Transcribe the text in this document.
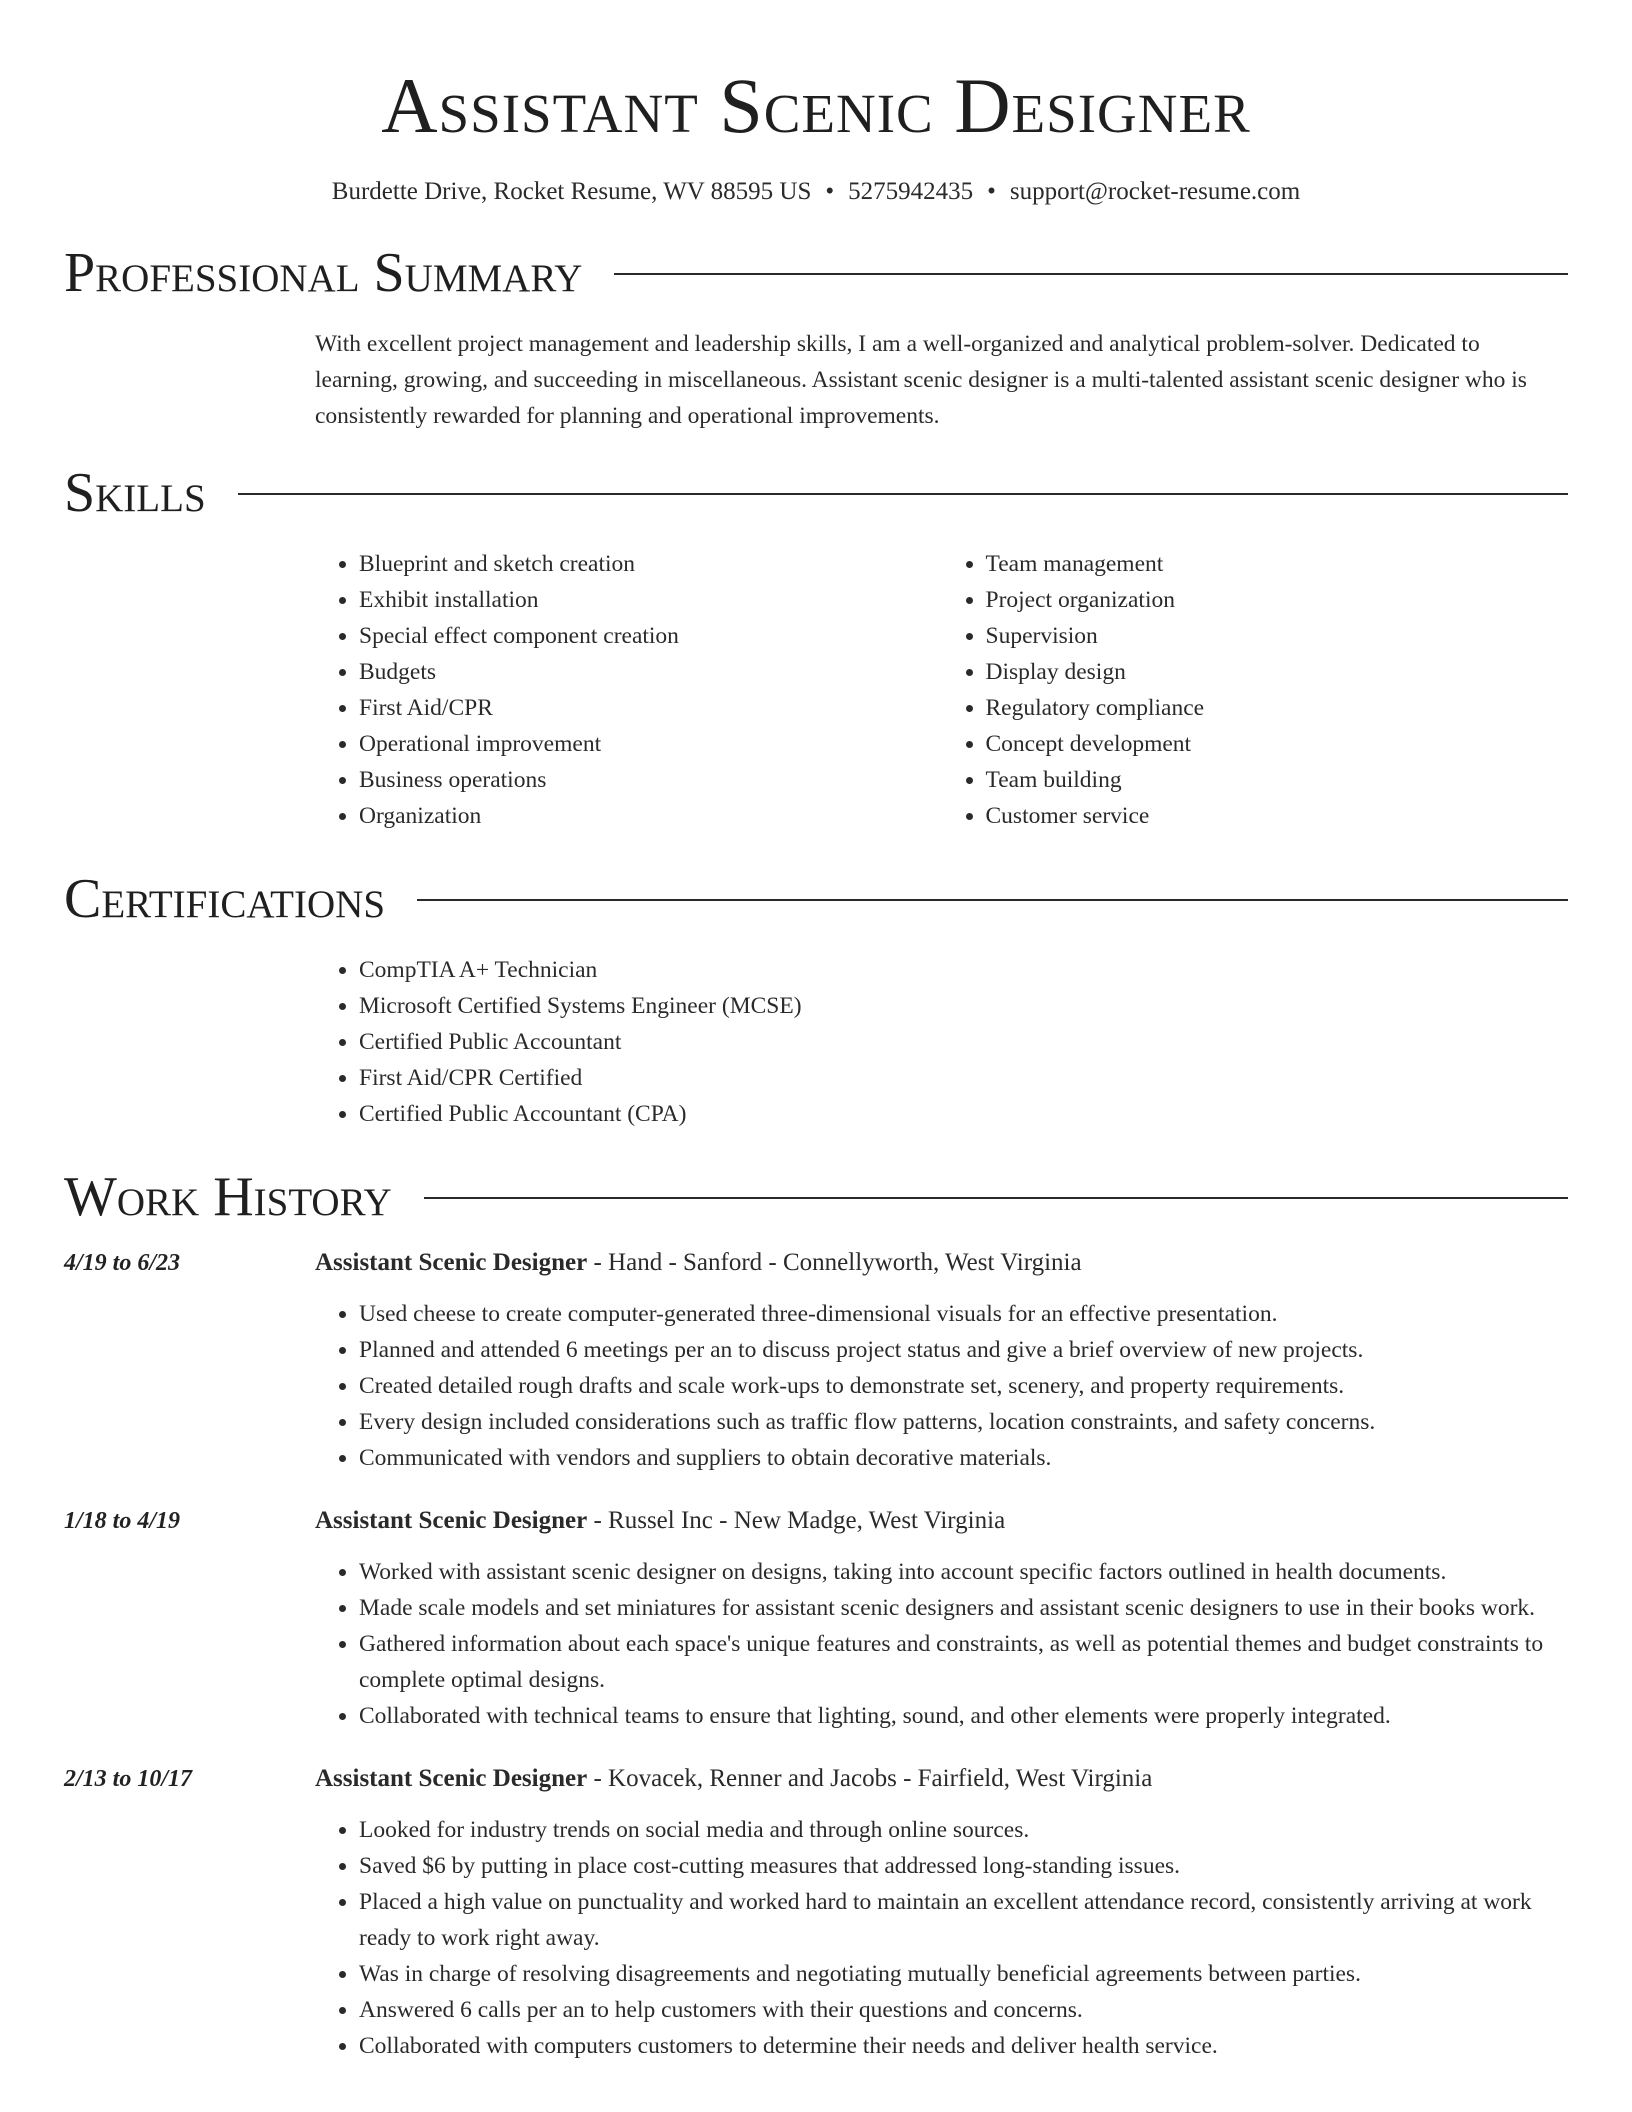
Assistant Scenic Designer
Burdette Drive, Rocket Resume, WV 88595 US • 5275942435 • support@rocket-resume.com
Professional Summary

With excellent project management and leadership skills, I am a well-organized and analytical problem-solver. Dedicated to learning, growing, and succeeding in miscellaneous. Assistant scenic designer is a multi-talented assistant scenic designer who is consistently rewarded for planning and operational improvements.

Skills
• Blueprint and sketch creation
• Exhibit installation
• Special effect component creation
• Budgets
• First Aid/CPR
• Operational improvement
• Business operations
• Organization
• Team management
• Project organization
• Supervision
• Display design
• Regulatory compliance
• Concept development
• Team building
• Customer service
Certifications
• CompTIA A+ Technician
• Microsoft Certified Systems Engineer (MCSE)
• Certified Public Accountant
• First Aid/CPR Certified
• Certified Public Accountant (CPA)
Work History
4/19 to 6/23	Assistant Scenic Designer - Hand - Sanford - Connellyworth, West Virginia
• Used cheese to create computer-generated three-dimensional visuals for an effective presentation.
• Planned and attended 6 meetings per an to discuss project status and give a brief overview of new projects.
• Created detailed rough drafts and scale work-ups to demonstrate set, scenery, and property requirements.
• Every design included considerations such as traffic flow patterns, location constraints, and safety concerns.
• Communicated with vendors and suppliers to obtain decorative materials.
1/18 to 4/19	Assistant Scenic Designer - Russel Inc - New Madge, West Virginia
• Worked with assistant scenic designer on designs, taking into account specific factors outlined in health documents.
• Made scale models and set miniatures for assistant scenic designers and assistant scenic designers to use in their books work.
• Gathered information about each space's unique features and constraints, as well as potential themes and budget constraints to complete optimal designs.
• Collaborated with technical teams to ensure that lighting, sound, and other elements were properly integrated.
2/13 to 10/17	Assistant Scenic Designer - Kovacek, Renner and Jacobs - Fairfield, West Virginia
• Looked for industry trends on social media and through online sources.
• Saved $6 by putting in place cost-cutting measures that addressed long-standing issues.
• Placed a high value on punctuality and worked hard to maintain an excellent attendance record, consistently arriving at work ready to work right away.
• Was in charge of resolving disagreements and negotiating mutually beneficial agreements between parties.
• Answered 6 calls per an to help customers with their questions and concerns.
• Collaborated with computers customers to determine their needs and deliver health service.
